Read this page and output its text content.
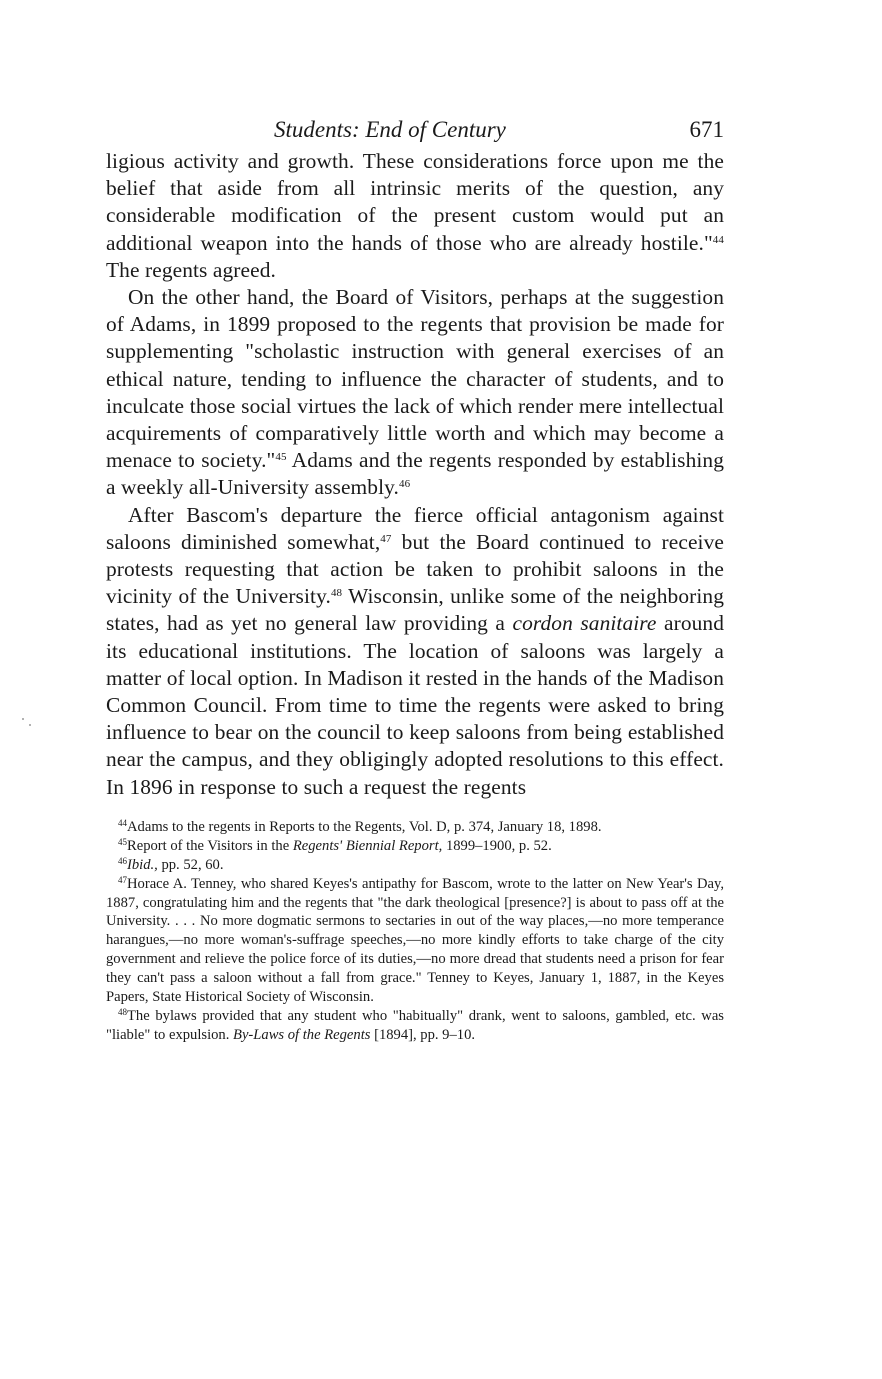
Students: End of Century	671

ligious activity and growth. These considerations force upon me the belief that aside from all intrinsic merits of the question, any considerable modification of the present custom would put an additional weapon into the hands of those who are already hostile."$^{44}$ The regents agreed.

On the other hand, the Board of Visitors, perhaps at the suggestion of Adams, in 1899 proposed to the regents that provision be made for supplementing "scholastic instruction with general exercises of an ethical nature, tending to influence the character of students, and to inculcate those social virtues the lack of which render mere intellectual acquirements of comparatively little worth and which may become a menace to society."$^{45}$ Adams and the regents responded by establishing a weekly all-University assembly.$^{46}$

After Bascom's departure the fierce official antagonism against saloons diminished somewhat,$^{47}$ but the Board continued to receive protests requesting that action be taken to prohibit saloons in the vicinity of the University.$^{48}$ Wisconsin, unlike some of the neighboring states, had as yet no general law providing a cordon sanitaire around its educational institutions. The location of saloons was largely a matter of local option. In Madison it rested in the hands of the Madison Common Council. From time to time the regents were asked to bring influence to bear on the council to keep saloons from being established near the campus, and they obligingly adopted resolutions to this effect. In 1896 in response to such a request the regents

$^{44}$Adams to the regents in Reports to the Regents, Vol. D, p. 374, January 18, 1898.

$^{45}$Report of the Visitors in the Regents' Biennial Report, 1899–1900, p. 52.

$^{46}$Ibid., pp. 52, 60.

$^{47}$Horace A. Tenney, who shared Keyes's antipathy for Bascom, wrote to the latter on New Year's Day, 1887, congratulating him and the regents that "the dark theological [presence?] is about to pass off at the University. . . . No more dogmatic sermons to sectaries in out of the way places,—no more temperance harangues,—no more woman's-suffrage speeches,—no more kindly efforts to take charge of the city government and relieve the police force of its duties,—no more dread that students need a prison for fear they can't pass a saloon without a fall from grace." Tenney to Keyes, January 1, 1887, in the Keyes Papers, State Historical Society of Wisconsin.

$^{48}$The bylaws provided that any student who "habitually" drank, went to saloons, gambled, etc. was "liable" to expulsion. By-Laws of the Regents [1894], pp. 9–10.
